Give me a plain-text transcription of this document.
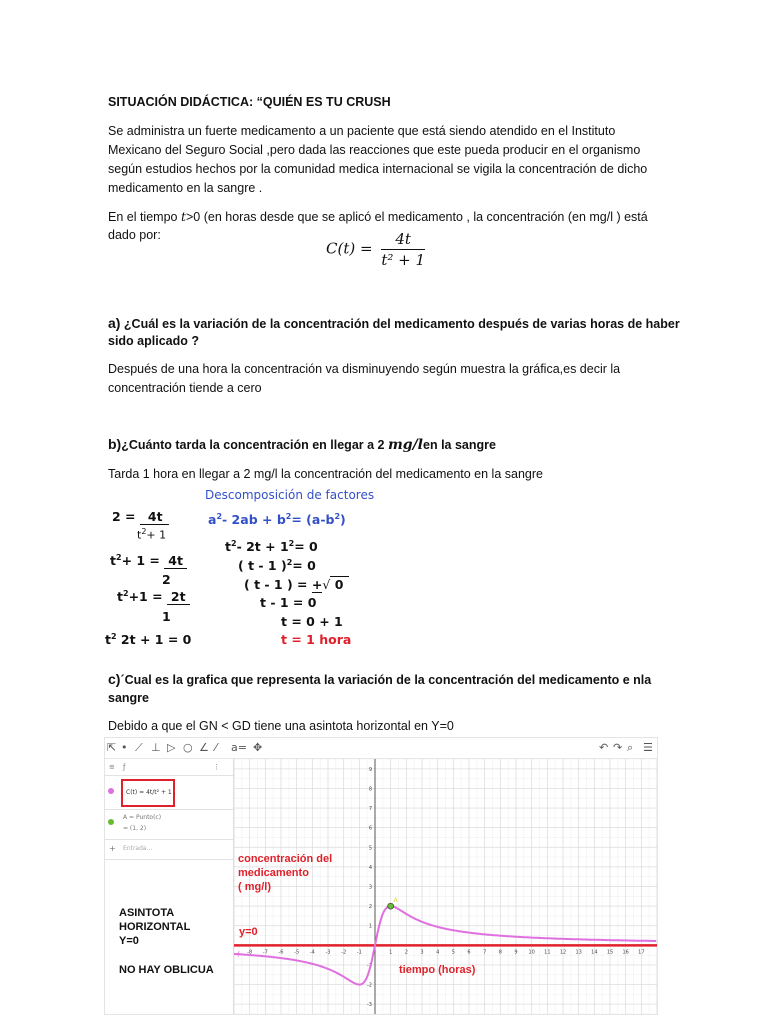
SITUACIÓN DIDÁCTICA: “QUIÉN ES TU CRUSH
Se administra un fuerte medicamento a un paciente que está siendo atendido en el Instituto
Mexicano del Seguro Social ,pero dada las reacciones que este pueda producir en el organismo
según estudios hechos por la comunidad medica internacional se vigila la concentración de dicho
medicamento en la sangre .
En el tiempo t>0 (en horas desde que se aplicó el medicamento , la concentración (en mg/l ) está
dado por:
$C(t) = \frac{4t}{\text{t² + 1}}$
a) ¿Cuál es la variación de la concentración del medicamento después de varias horas de haber
sido aplicado ?
Después de una hora la concentración va disminuyendo según muestra la gráfica,es decir la
concentración tiende a cero
b)¿Cuánto tarda la concentración en llegar a 2 mg/len la sangre
Tarda 1 hora en llegar a 2 mg/l la concentración del medicamento en la sangre
Descomposición de factores
$a^2-$ $2ab + b^2= (a-b^2)$
2 = 4t
$t^2+ 1$
$t^2+ 1 = 4t$
2
$t^2+1 = 2t$
1
$t^2$ 2t + 1 = 0
$t^2-$ $2t + 1^2= 0$
( t - 1 )$^2$= 0
( t - 1 ) = +√ 0
t - 1 = 0
t = 0 + 1
t = 1 hora
c)´Cual es la grafica que representa la variación de la concentración del medicamento e nla
sangre
Debido a que el GN < GD tiene una asintota horizontal en Y=0
⇱ • ⟋ ⊥ ▷ ○ ∠ ⁄ a= ✥	↶ ↷ ⌕ ☰
≡ ƒ	⋮
C(t) = 4t/t² + 1
A = Punto(c)
= (1, 2)
+ Entrada...
-8 -7 -6 -5 -4 -3 -2 -1	1 2 3 4 5 6 7 8 9 10 11 12 13 14 15 16 17
9
8
7
6
5
4
3
2
1
-1
-2
-3
f
A
concentración del
medicamento
( mg/l)
y=0
ASINTOTA
HORIZONTAL
Y=0
NO HAY OBLICUA	tiempo (horas)
